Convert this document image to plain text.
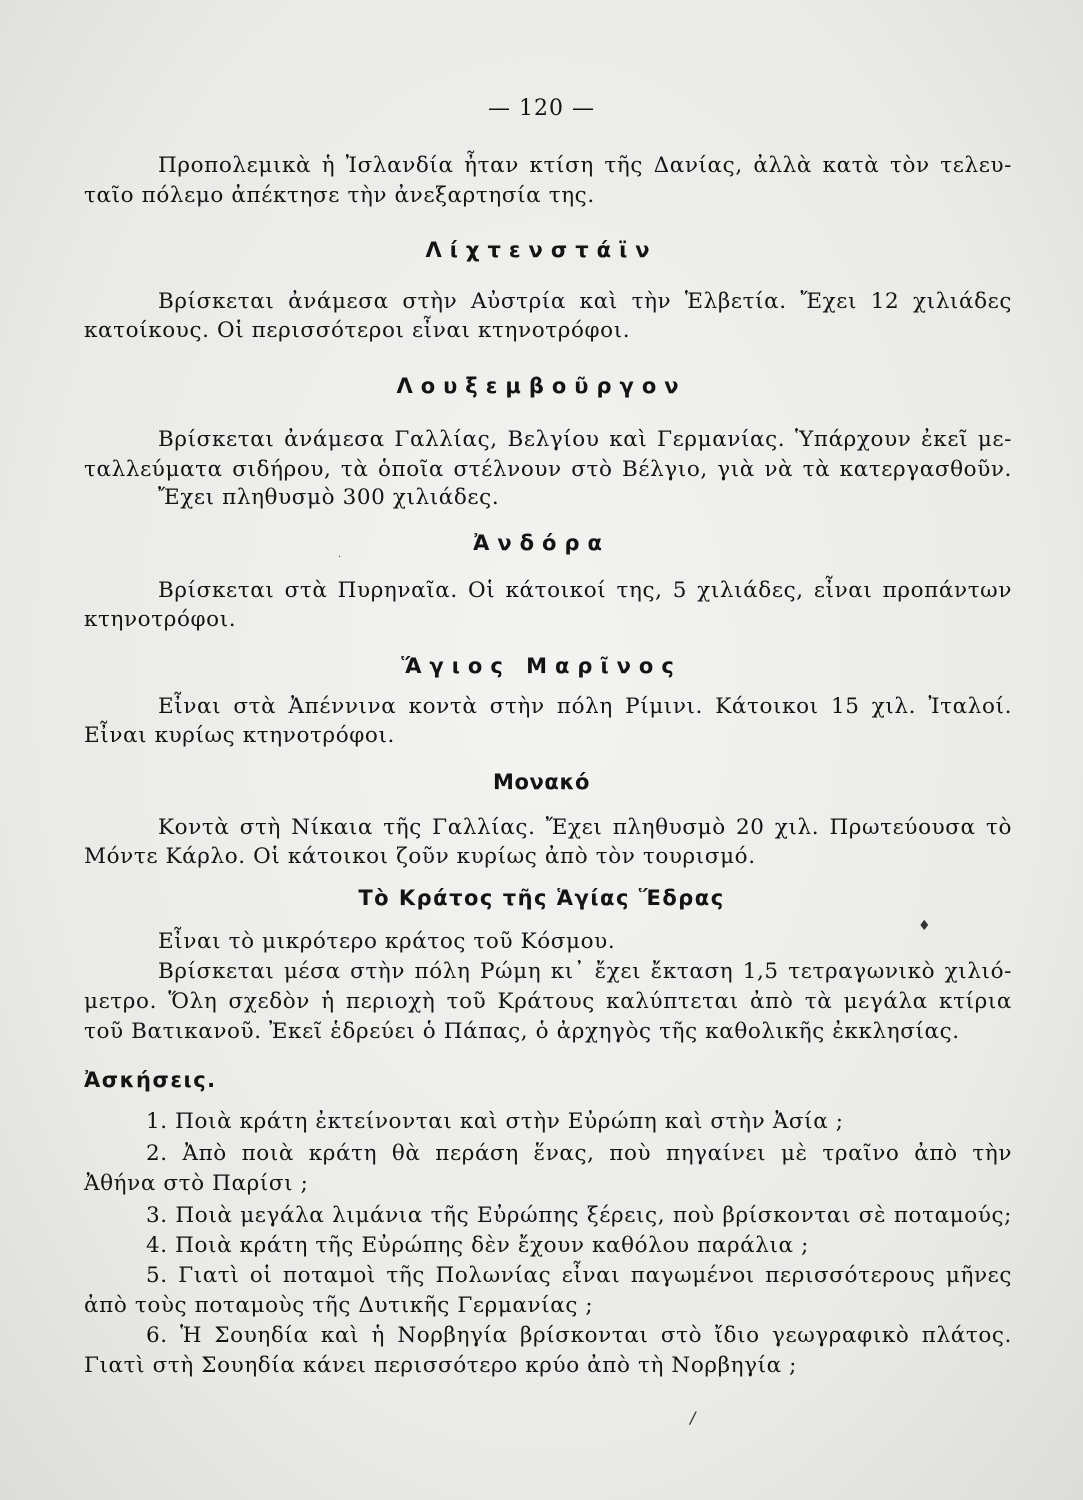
— 120 —
Προπολεμικὰ ἡ Ἰσλανδία ἦταν κτίση τῆς Δανίας, ἀλλὰ κατὰ τὸν τελευ-
ταῖο πόλεμο ἀπέκτησε τὴν ἀνεξαρτησία της.
Λίχτενστάϊν
Βρίσκεται ἀνάμεσα στὴν Αὐστρία καὶ τὴν Ἑλβετία. Ἔχει 12 χιλιάδες
κατοίκους. Οἱ περισσότεροι εἶναι κτηνοτρόφοι.
Λουξεμβοῦργον
Βρίσκεται ἀνάμεσα Γαλλίας, Βελγίου καὶ Γερμανίας. Ὑπάρχουν ἐκεῖ με-
ταλλεύματα σιδήρου, τὰ ὁποῖα στέλνουν στὸ Βέλγιο, γιὰ νὰ τὰ κατεργασθοῦν.
Ἔχει πληθυσμὸ 300 χιλιάδες.
Ἀνδόρα
Βρίσκεται στὰ Πυρηναῖα. Οἱ κάτοικοί της, 5 χιλιάδες, εἶναι προπάντων
κτηνοτρόφοι.
Ἅγιος Μαρῖνος
Εἶναι στὰ Ἀπέννινα κοντὰ στὴν πόλη Ρίμινι. Κάτοικοι 15 χιλ. Ἰταλοί.
Εἶναι κυρίως κτηνοτρόφοι.
Μονακό
Κοντὰ στὴ Νίκαια τῆς Γαλλίας. Ἔχει πληθυσμὸ 20 χιλ. Πρωτεύουσα τὸ
Μόντε Κάρλο. Οἱ κάτοικοι ζοῦν κυρίως ἀπὸ τὸν τουρισμό.
Τὸ Κράτος τῆς Ἁγίας Ἕδρας
Εἶναι τὸ μικρότερο κράτος τοῦ Κόσμου.
Βρίσκεται μέσα στὴν πόλη Ρώμη κι᾿ ἔχει ἔκταση 1,5 τετραγωνικὸ χιλιό-
μετρο. Ὅλη σχεδὸν ἡ περιοχὴ τοῦ Κράτους καλύπτεται ἀπὸ τὰ μεγάλα κτίρια
τοῦ Βατικανοῦ. Ἐκεῖ ἑδρεύει ὁ Πάπας, ὁ ἀρχηγὸς τῆς καθολικῆς ἐκκλησίας.
Ἀσκήσεις.
1. Ποιὰ κράτη ἐκτείνονται καὶ στὴν Εὐρώπη καὶ στὴν Ἀσία ;
2. Ἀπὸ ποιὰ κράτη θὰ περάση ἕνας, ποὺ πηγαίνει μὲ τραῖνο ἀπὸ τὴν
Ἀθήνα στὸ Παρίσι ;
3. Ποιὰ μεγάλα λιμάνια τῆς Εὐρώπης ξέρεις, ποὺ βρίσκονται σὲ ποταμούς;
4. Ποιὰ κράτη τῆς Εὐρώπης δὲν ἔχουν καθόλου παράλια ;
5. Γιατὶ οἱ ποταμοὶ τῆς Πολωνίας εἶναι παγωμένοι περισσότερους μῆνες
ἀπὸ τοὺς ποταμοὺς τῆς Δυτικῆς Γερμανίας ;
6. Ἡ Σουηδία καὶ ἡ Νορβηγία βρίσκονται στὸ ἴδιο γεωγραφικὸ πλάτος.
Γιατὶ στὴ Σουηδία κάνει περισσότερο κρύο ἀπὸ τὴ Νορβηγία ;
·
♦
/
